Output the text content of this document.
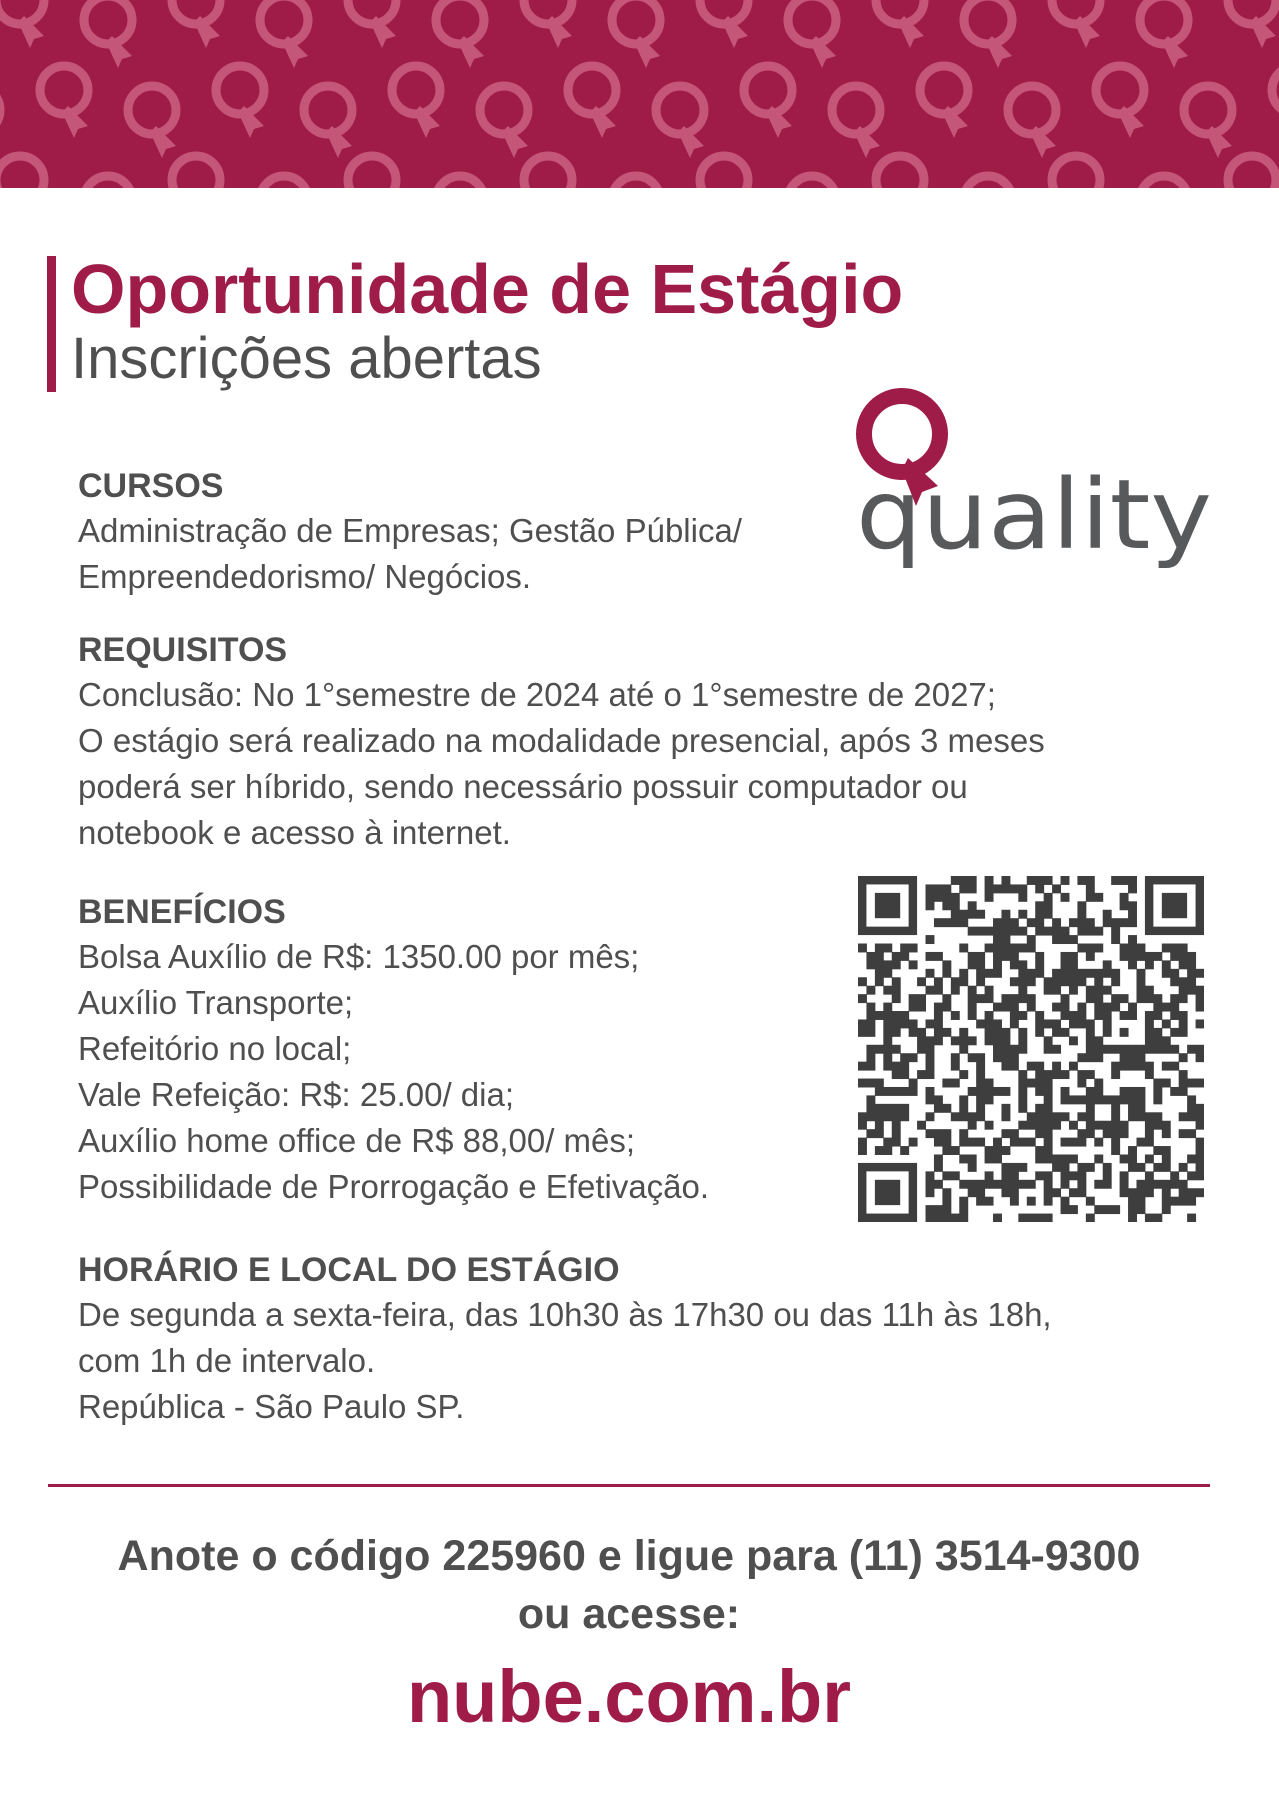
Oportunidade de Estágio
Inscrições abertas
quality
CURSOS
Administração de Empresas; Gestão Pública/
Empreendedorismo/ Negócios.
REQUISITOS
Conclusão: No 1°semestre de 2024 até o 1°semestre de 2027;
O estágio será realizado na modalidade presencial, após 3 meses
poderá ser híbrido, sendo necessário possuir computador ou
notebook e acesso à internet.
BENEFÍCIOS
Bolsa Auxílio de R$: 1350.00 por mês;
Auxílio Transporte;
Refeitório no local;
Vale Refeição: R$: 25.00/ dia;
Auxílio home office de R$ 88,00/ mês;
Possibilidade de Prorrogação e Efetivação.
HORÁRIO E LOCAL DO ESTÁGIO
De segunda a sexta-feira, das 10h30 às 17h30 ou das 11h às 18h,
com 1h de intervalo.
República - São Paulo SP.
Anote o código 225960 e ligue para (11) 3514-9300
ou acesse:
nube.com.br
